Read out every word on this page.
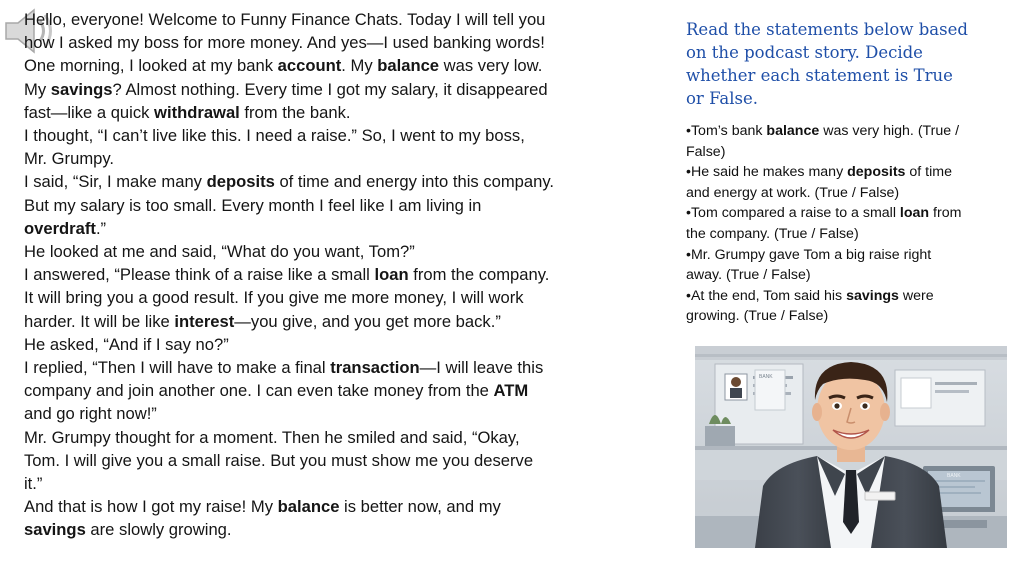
Hello, everyone! Welcome to Funny Finance Chats. Today I will tell you

how I asked my boss for more money. And yes—I used banking words!

One morning, I looked at my bank account. My balance was very low.

My savings? Almost nothing. Every time I got my salary, it disappeared

fast—like a quick withdrawal from the bank.

I thought, “I can’t live like this. I need a raise.” So, I went to my boss,

Mr. Grumpy.

I said, “Sir, I make many deposits of time and energy into this company.

But my salary is too small. Every month I feel like I am living in

overdraft.”

He looked at me and said, “What do you want, Tom?”

I answered, “Please think of a raise like a small loan from the company.

It will bring you a good result. If you give me more money, I will work

harder. It will be like interest—you give, and you get more back.”

He asked, “And if I say no?”

I replied, “Then I will have to make a final transaction—I will leave this

company and join another one. I can even take money from the ATM

and go right now!”

Mr. Grumpy thought for a moment. Then he smiled and said, “Okay,

Tom. I will give you a small raise. But you must show me you deserve

it.”

And that is how I got my raise! My balance is better now, and my

savings are slowly growing.

Read the statements below based
on the podcast story. Decide
whether each statement is True
or False.

•Tom’s bank balance was very high. (True /

False)

•He said he makes many deposits of time

and energy at work. (True / False)

•Tom compared a raise to a small loan from

the company. (True / False)

•Mr. Grumpy gave Tom a big raise right

away. (True / False)

•At the end, Tom said his savings were

growing. (True / False)

BANK
BANK
